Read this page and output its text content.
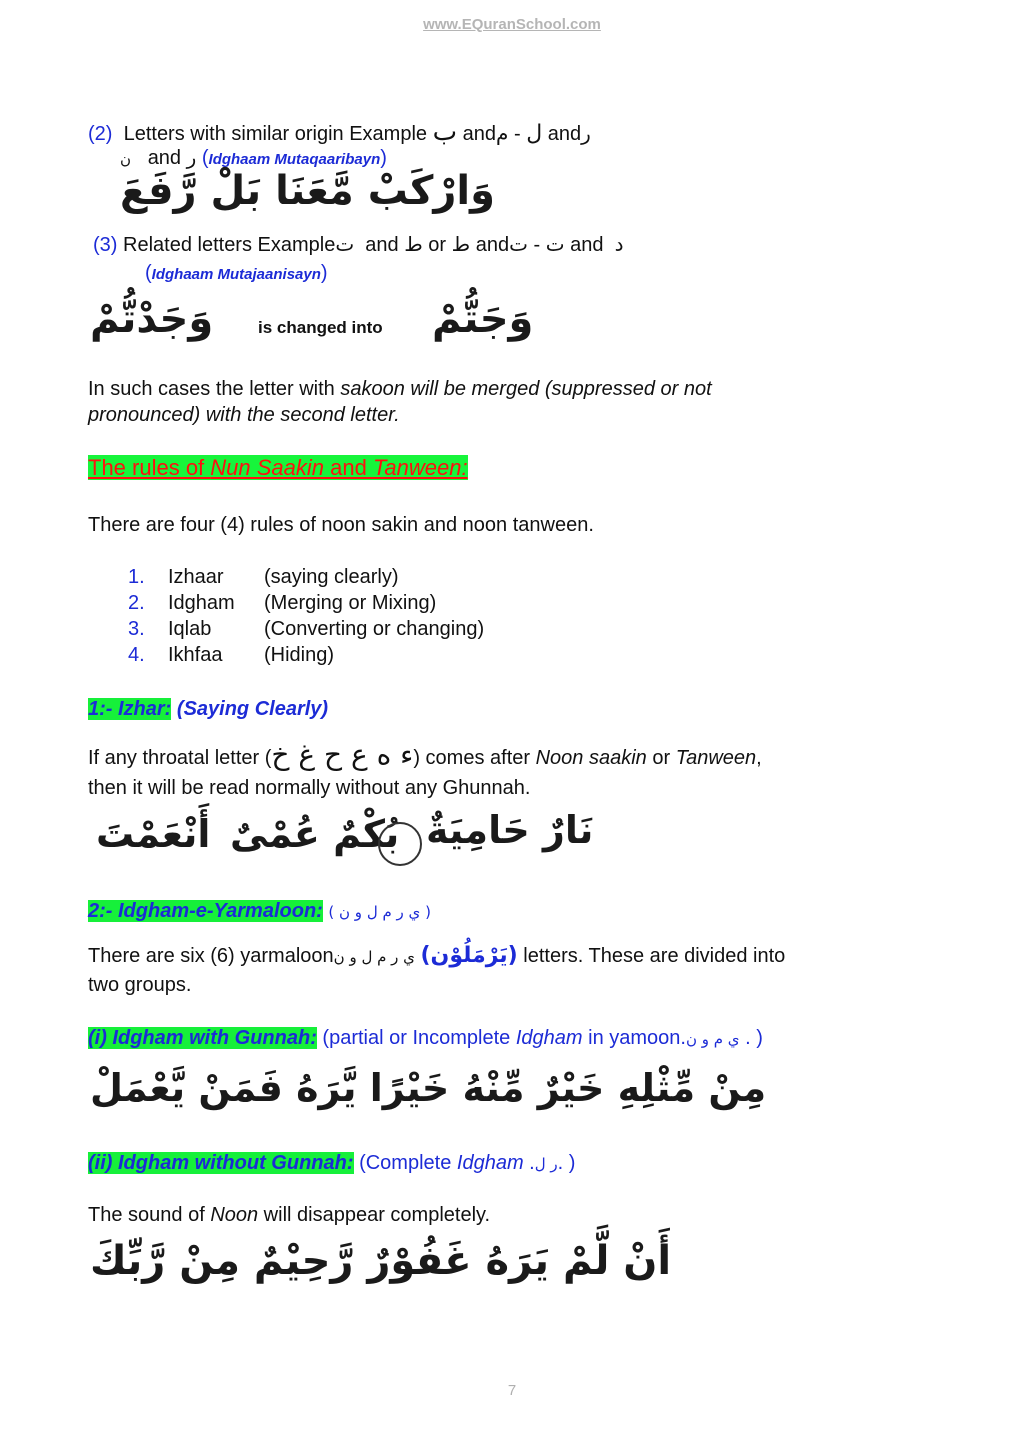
www.EQuranSchool.com
(2) Letters with similar origin Example ب andم - ل andر
ن and ر (Idghaam Mutaqaaribayn)
وَارْكَبْ مَّعَنَا بَلْ رَّفَعَ
(3) Related letters Exampleت and ط or ط andت - ت and د
(Idghaam Mutajaanisayn)
وَجَدْتُّمْ	is changed into وَجَتُّمْ
In such cases the letter with sakoon will be merged (suppressed or not
pronounced) with the second letter.
The rules of Nun Saakin and Tanween:
There are four (4) rules of noon sakin and noon tanween.
1. Izhaar (saying clearly)
2. Idgham (Merging or Mixing)
3. Iqlab	(Converting or changing)
4. Ikhfaa (Hiding)
1:- Izhar: (Saying Clearly)
If any throatal letter (ء ه ع ح غ خ) comes after Noon saakin or Tanween,
then it will be read normally without any Ghunnah.
أَنْعَمْتَ بُكْمٌ عُمْىٌ نَارٌ حَامِيَةٌ
2:- Idgham-e-Yarmaloon: ( ي ر م ل و ن )
There are six (6) yarmaloonي ر م ل و ن (يَرْمَلُوْن) letters. These are divided into
two groups.
(i) Idgham with Gunnah: (partial or Incomplete Idgham in yamoon.ي م و ن . )
مِنْ مِّثْلِهِ خَيْرٌ مِّنْهُ خَيْرًا يَّرَهُ فَمَنْ يَّعْمَلْ
(ii) Idgham without Gunnah: (Complete Idgham .ر ل. )
The sound of Noon will disappear completely.
أَنْ لَّمْ يَرَهُ غَفُوْرٌ رَّحِيْمٌ مِنْ رَّبِّكَ
7
